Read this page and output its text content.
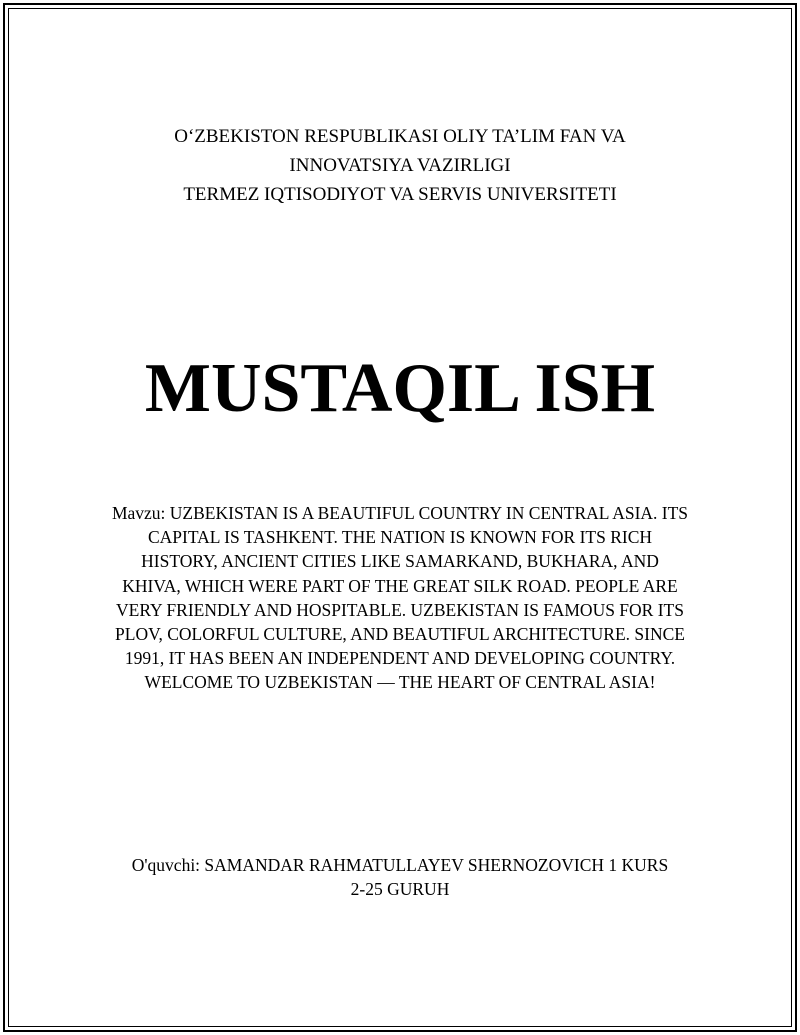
O‘ZBEKISTON RESPUBLIKASI OLIY TA’LIM FAN VA
INNOVATSIYA VAZIRLIGI
TERMEZ IQTISODIYOT VA SERVIS UNIVERSITETI
MUSTAQIL ISH
Mavzu: UZBEKISTAN IS A BEAUTIFUL COUNTRY IN CENTRAL ASIA. ITS CAPITAL IS TASHKENT. THE NATION IS KNOWN FOR ITS RICH HISTORY, ANCIENT CITIES LIKE SAMARKAND, BUKHARA, AND KHIVA, WHICH WERE PART OF THE GREAT SILK ROAD. PEOPLE ARE VERY FRIENDLY AND HOSPITABLE. UZBEKISTAN IS FAMOUS FOR ITS PLOV, COLORFUL CULTURE, AND BEAUTIFUL ARCHITECTURE. SINCE 1991, IT HAS BEEN AN INDEPENDENT AND DEVELOPING COUNTRY. WELCOME TO UZBEKISTAN — THE HEART OF CENTRAL ASIA!
O'quvchi: SAMANDAR RAHMATULLAYEV SHERNOZOVICH 1 KURS 2-25 GURUH
